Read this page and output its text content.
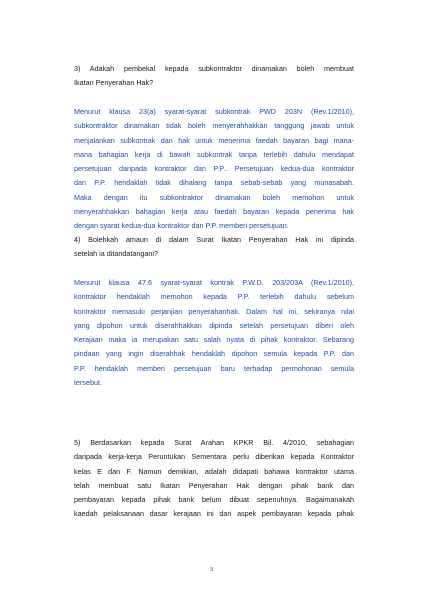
3) Adakah pembekal kepada subkontraktor dinamakan boleh membuat
Ikatan Penyerahan Hak?
Menurut klausa 23(a) syarat-syarat subkontrak PWD 203N (Rev.1/2010),
subkontraktor dinamakan tidak boleh menyerahhakkan tanggung jawab untuk
menjalankan subkontrak dan hak untuk menerima faedah bayaran bagi mana-
mana bahagian kerja di bawah subkontrak tanpa terlebih dahulu mendapat
persetujuan daripada kontraktor dan P.P.. Persetujuan kedua-dua kontraktor
dan P.P. hendaklah tidak dihalang tanpa sebab-sebab yang munasabah.
Maka dengan itu subkontraktor dinamakan boleh memohon untuk
menyerahhakkan bahagian kerja atau faedah bayaran kepada penerima hak
dengan syarat kedua-dua kontraktor dan P.P. memberi persetujuan.
4) Bolehkah amaun di dalam Surat Ikatan Penyerahan Hak ini dipinda
setelah ia ditandatangani?
Menurut klausa 47.6 syarat-syarat kontrak P.W.D. 203/203A (Rev.1/2010),
kontraktor hendaklah memohon kepada P.P. terlebih dahulu sebelum
kontraktor memasuki perjanjian penyerahanhak. Dalam hal ini, sekiranya nilai
yang dipohon untuk diserahhakkan dipinda setelah persetujuan diberi oleh
Kerajaan maka ia merupakan satu salah nyata di pihak kontraktor. Sebarang
pindaan yang ingin diserahhak hendaklah dipohon semula kepada P.P. dan
P.P. hendaklah memberi persetujuan baru terhadap permohonan semula
tersebut.
5) Berdasarkan kepada Surat Arahan KPKR Bil. 4/2010, sebahagian
daripada kerja-kerja Peruntukan Sementara perlu diberikan kepada Kontraktor
kelas E dan F. Namun demikian, adalah didapati bahawa kontraktor utama
telah membuat satu Ikatan Penyerahan Hak dengan pihak bank dan
pembayaran kepada pihak bank belum dibuat sepenuhnya. Bagaimanakah
kaedah pelaksanaan dasar kerajaan ini dari aspek pembayaran kepada pihak
3
